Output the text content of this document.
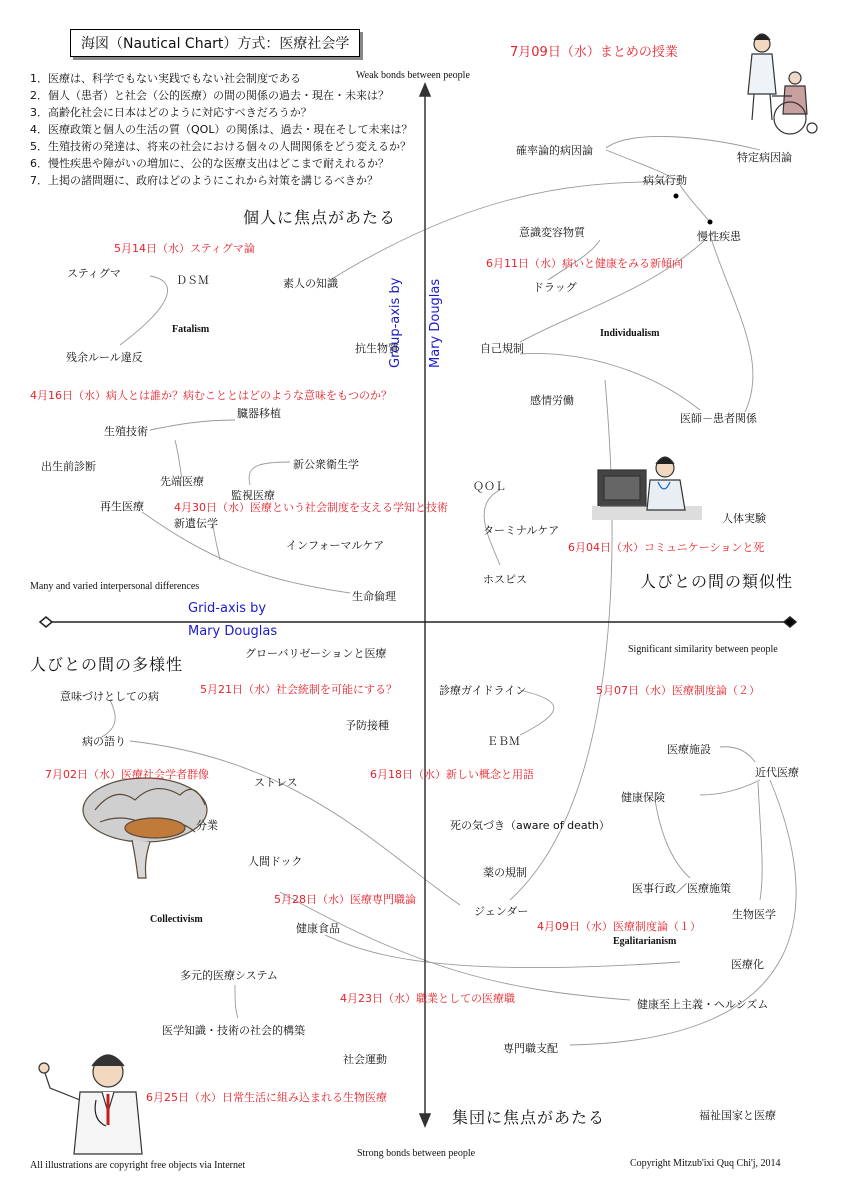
海図（Nautical Chart）方式：医療社会学
1．医療は、科学でもない実践でもない社会制度である
2．個人（患者）と社会（公的医療）の間の関係の過去・現在・未来は？
3．高齢化社会に日本はどのように対応すべきだろうか？
4．医療政策と個人の生活の質（QOL）の関係は、過去・現在そして未来は？
5．生殖技術の発達は、将来の社会における個々の人間関係をどう変えるか？
6．慢性疾患や障がいの増加に、公的な医療支出はどこまで耐えれるか？
7．上掲の諸問題に、政府はどのようにこれから対策を講じるべきか？
Weak bonds between people
Strong bonds between people
Many and varied interpersonal differences
Significant similarity between people
Group-axis by Mary Douglas
Grid-axis by
Mary Douglas
個人に焦点があたる
集団に焦点があたる
人びとの間の多様性
人びとの間の類似性
Fatalism	Individualism
Collectivism
Egalitarianism
7月09日（水）まとめの授業
5月14日（水）スティグマ論
6月11日（水）病いと健康をみる新傾向
4月16日（水）病人とは誰か？病むこととはどのような意味をもつのか？
4月30日（水）医療という社会制度を支える学知と技術
6月04日（水）コミュニケーションと死
5月21日（水）社会統制を可能にする？	5月07日（水）医療制度論（２）
7月02日（水）医療社会学者群像	6月18日（水）新しい概念と用語
5月28日（水）医療専門職論
4月09日（水）医療制度論（１）
4月23日（水）職業としての医療職
6月25日（水）日常生活に組み込まれる生物医療
確率論的病因論
特定病因論
病気行動
意識変容物質	慢性疾患
ドラッグ
スティグマ
ＤＳＭ	素人の知識
残余ルール違反
抗生物質	自己規制
感情労働
医師－患者関係
臓器移植
生殖技術
出生前診断
先端医療
新公衆衛生学
監視医療
ＱＯＬ
再生医療
新遺伝学
ターミナルケア
人体実験
インフォーマルケア
ホスピス
生命倫理
グローバリゼーションと医療
意味づけとしての病	診療ガイドライン
予防接種
ＥＢＭ
病の語り
医療施設
近代医療
ストレス
健康保険
分業	死の気づき（aware of death）
人間ドック
薬の規制
医事行政／医療施策
ジェンダー	生物医学
健康食品
医療化
多元的医療システム
健康至上主義・ヘルシズム
医学知識・技術の社会的構築
専門職支配
社会運動
福祉国家と医療
All illustrations are copyright free objects via Internet	Copyright Mitzub'ixi Quq Chi'j, 2014
